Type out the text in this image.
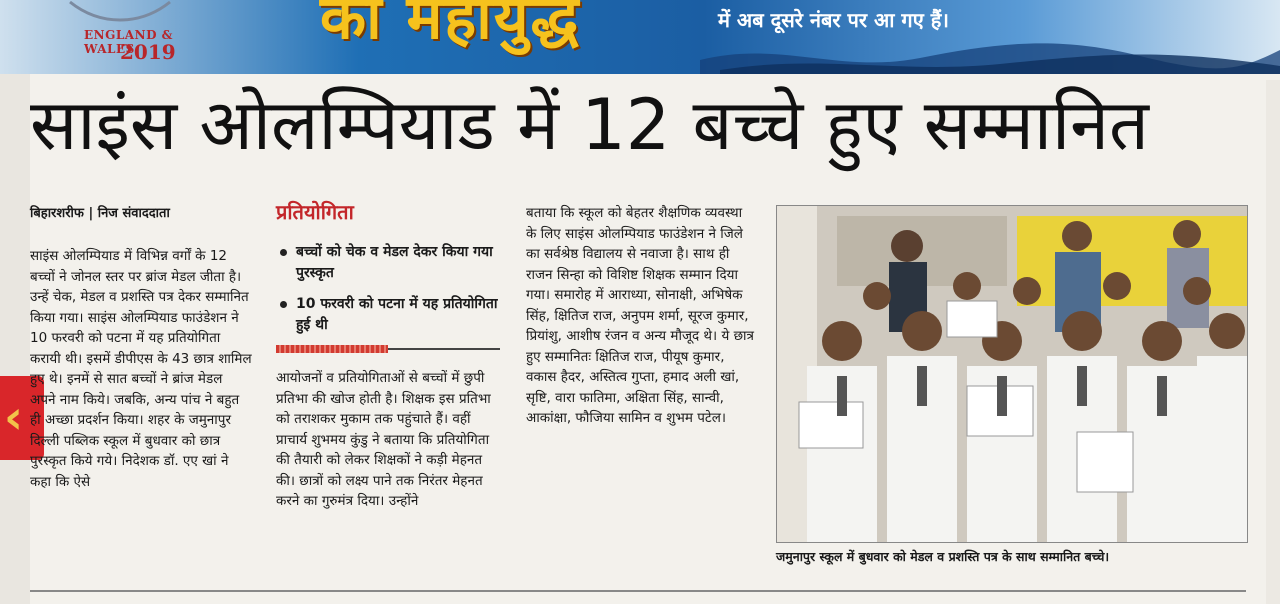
ENGLAND & WALES
2019 का महायुद्ध	में अब दूसरे नंबर पर आ गए हैं।
‹
साइंस ओलम्पियाड में 12 बच्चे हुए सम्मानित
बिहारशरीफ | निज संवाददाता
साइंस ओलम्पियाड में विभिन्न वर्गों के 12 बच्चों ने जोनल स्तर पर ब्रांज मेडल जीता है। उन्हें चेक, मेडल व प्रशस्ति पत्र देकर सम्मानित किया गया। साइंस ओलम्पियाड फाउंडेशन ने 10 फरवरी को पटना में यह प्रतियोगिता करायी थी। इसमें डीपीएस के 43 छात्र शामिल हुए थे। इनमें से सात बच्चों ने ब्रांज मेडल अपने नाम किये। जबकि, अन्य पांच ने बहुत ही अच्छा प्रदर्शन किया। शहर के जमुनापुर दिल्ली पब्लिक स्कूल में बुधवार को छात्र पुरस्कृत किये गये। निदेशक डॉ. एए खां ने कहा कि ऐसे
प्रतियोगिता
बच्चों को चेक व मेडल देकर किया गया पुरस्कृत
10 फरवरी को पटना में यह प्रतियोगिता हुई थी
आयोजनों व प्रतियोगिताओं से बच्चों में छुपी प्रतिभा की खोज होती है। शिक्षक इस प्रतिभा को तराशकर मुकाम तक पहुंचाते हैं। वहीं प्राचार्य शुभमय कुंडु ने बताया कि प्रतियोगिता की तैयारी को लेकर शिक्षकों ने कड़ी मेहनत की। छात्रों को लक्ष्य पाने तक निरंतर मेहनत करने का गुरुमंत्र दिया। उन्होंने
बताया कि स्कूल को बेहतर शैक्षणिक व्यवस्था के लिए साइंस ओलम्पियाड फाउंडेशन ने जिले का सर्वश्रेष्ठ विद्यालय से नवाजा है। साथ ही राजन सिन्हा को विशिष्ट शिक्षक सम्मान दिया गया। समारोह में आराध्या, सोनाक्षी, अभिषेक सिंह, क्षितिज राज, अनुपम शर्मा, सूरज कुमार, प्रियांशु, आशीष रंजन व अन्य मौजूद थे। ये छात्र हुए सम्मानितः क्षितिज राज, पीयूष कुमार, वकास हैदर, अस्तित्व गुप्ता, हमाद अली खां, सृष्टि, वारा फातिमा, अक्षिता सिंह, सान्वी, आकांक्षा, फौजिया सामिन व शुभम पटेल।
जमुनापुर स्कूल में बुधवार को मेडल व प्रशस्ति पत्र के साथ सम्मानित बच्चे।
